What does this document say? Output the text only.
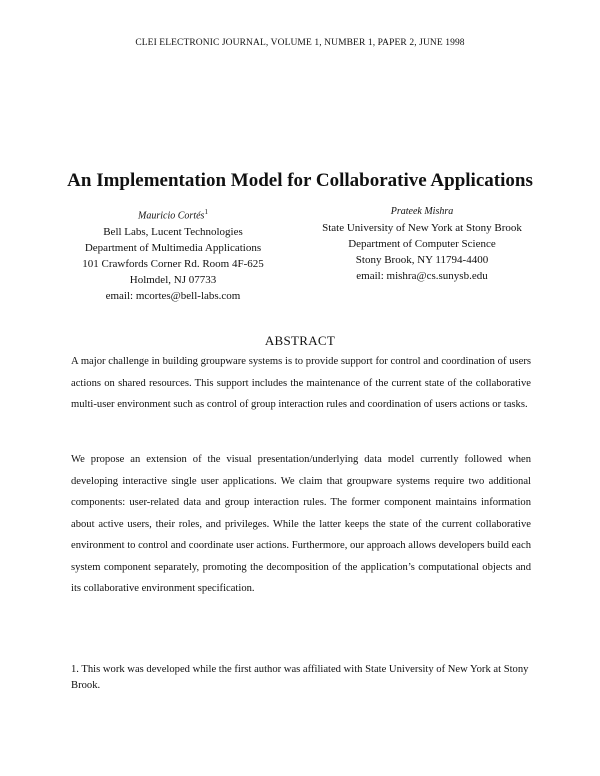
CLEI ELECTRONIC JOURNAL, VOLUME 1, NUMBER 1, PAPER 2, JUNE 1998
An Implementation Model for Collaborative Applications
Mauricio Cortés$^1$
Bell Labs, Lucent Technologies
Department of Multimedia Applications
101 Crawfords Corner Rd. Room 4F-625
Holmdel, NJ 07733
email: mcortes@bell-labs.com
Prateek Mishra
State University of New York at Stony Brook
Department of Computer Science
Stony Brook, NY 11794-4400
email: mishra@cs.sunysb.edu
ABSTRACT
A major challenge in building groupware systems is to provide support for control and coordination of users actions on shared resources. This support includes the maintenance of the current state of the collaborative multi-user environment such as control of group interaction rules and coordination of users actions or tasks.
We propose an extension of the visual presentation/underlying data model currently followed when developing interactive single user applications. We claim that groupware systems require two additional components: user-related data and group interaction rules. The former component maintains information about active users, their roles, and privileges. While the latter keeps the state of the current collaborative environment to control and coordinate user actions. Furthermore, our approach allows developers build each system component separately, promoting the decomposition of the application’s computational objects and its collaborative environment specification.
1. This work was developed while the first author was affiliated with State University of New York at Stony Brook.
